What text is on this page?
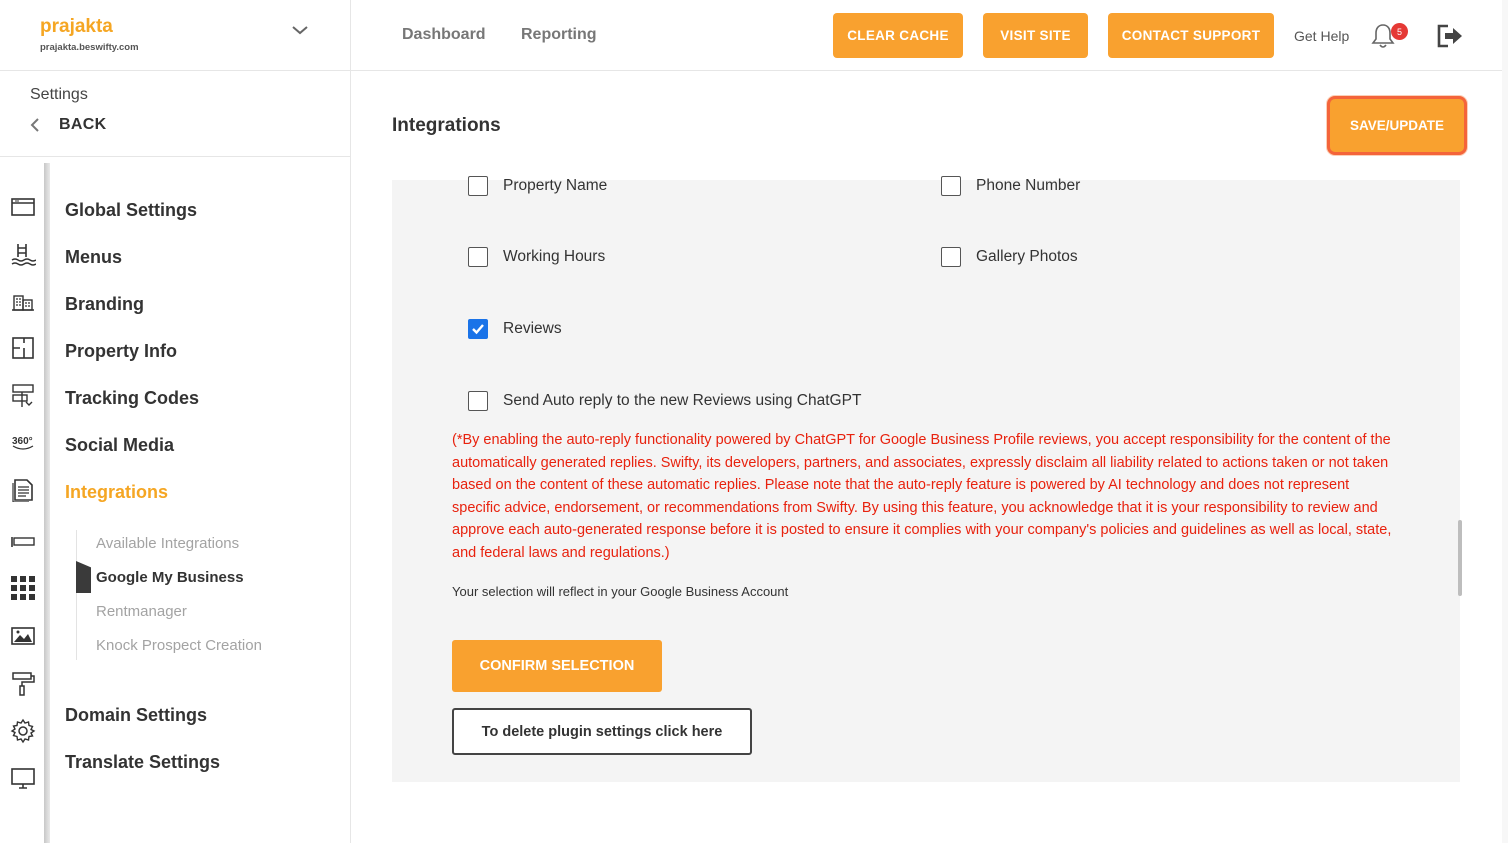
prajakta
prajakta.beswifty.com
Settings
BACK
360°
Global Settings
Menus
Branding
Property Info
Tracking Codes
Social Media
Integrations
Available Integrations
Google My Business
Rentmanager
Knock Prospect Creation
Domain Settings
Translate Settings
Dashboard Reporting	CLEAR CACHE	VISIT SITE	CONTACT SUPPORT	Get Help	5
Integrations	SAVE/UPDATE
Property Name	Phone Number
Working Hours	Gallery Photos
Reviews
Send Auto reply to the new Reviews using ChatGPT
(*By enabling the auto-reply functionality powered by ChatGPT for Google Business Profile reviews, you accept responsibility for the content of the automatically generated replies. Swifty, its developers, partners, and associates, expressly disclaim all liability related to actions taken or not taken based on the content of these automatic replies. Please note that the auto-reply feature is powered by AI technology and does not represent specific advice, endorsement, or recommendations from Swifty. By using this feature, you acknowledge that it is your responsibility to review and approve each auto-generated response before it is posted to ensure it complies with your company's policies and guidelines as well as local, state, and federal laws and regulations.)
Your selection will reflect in your Google Business Account
CONFIRM SELECTION
To delete plugin settings click here
